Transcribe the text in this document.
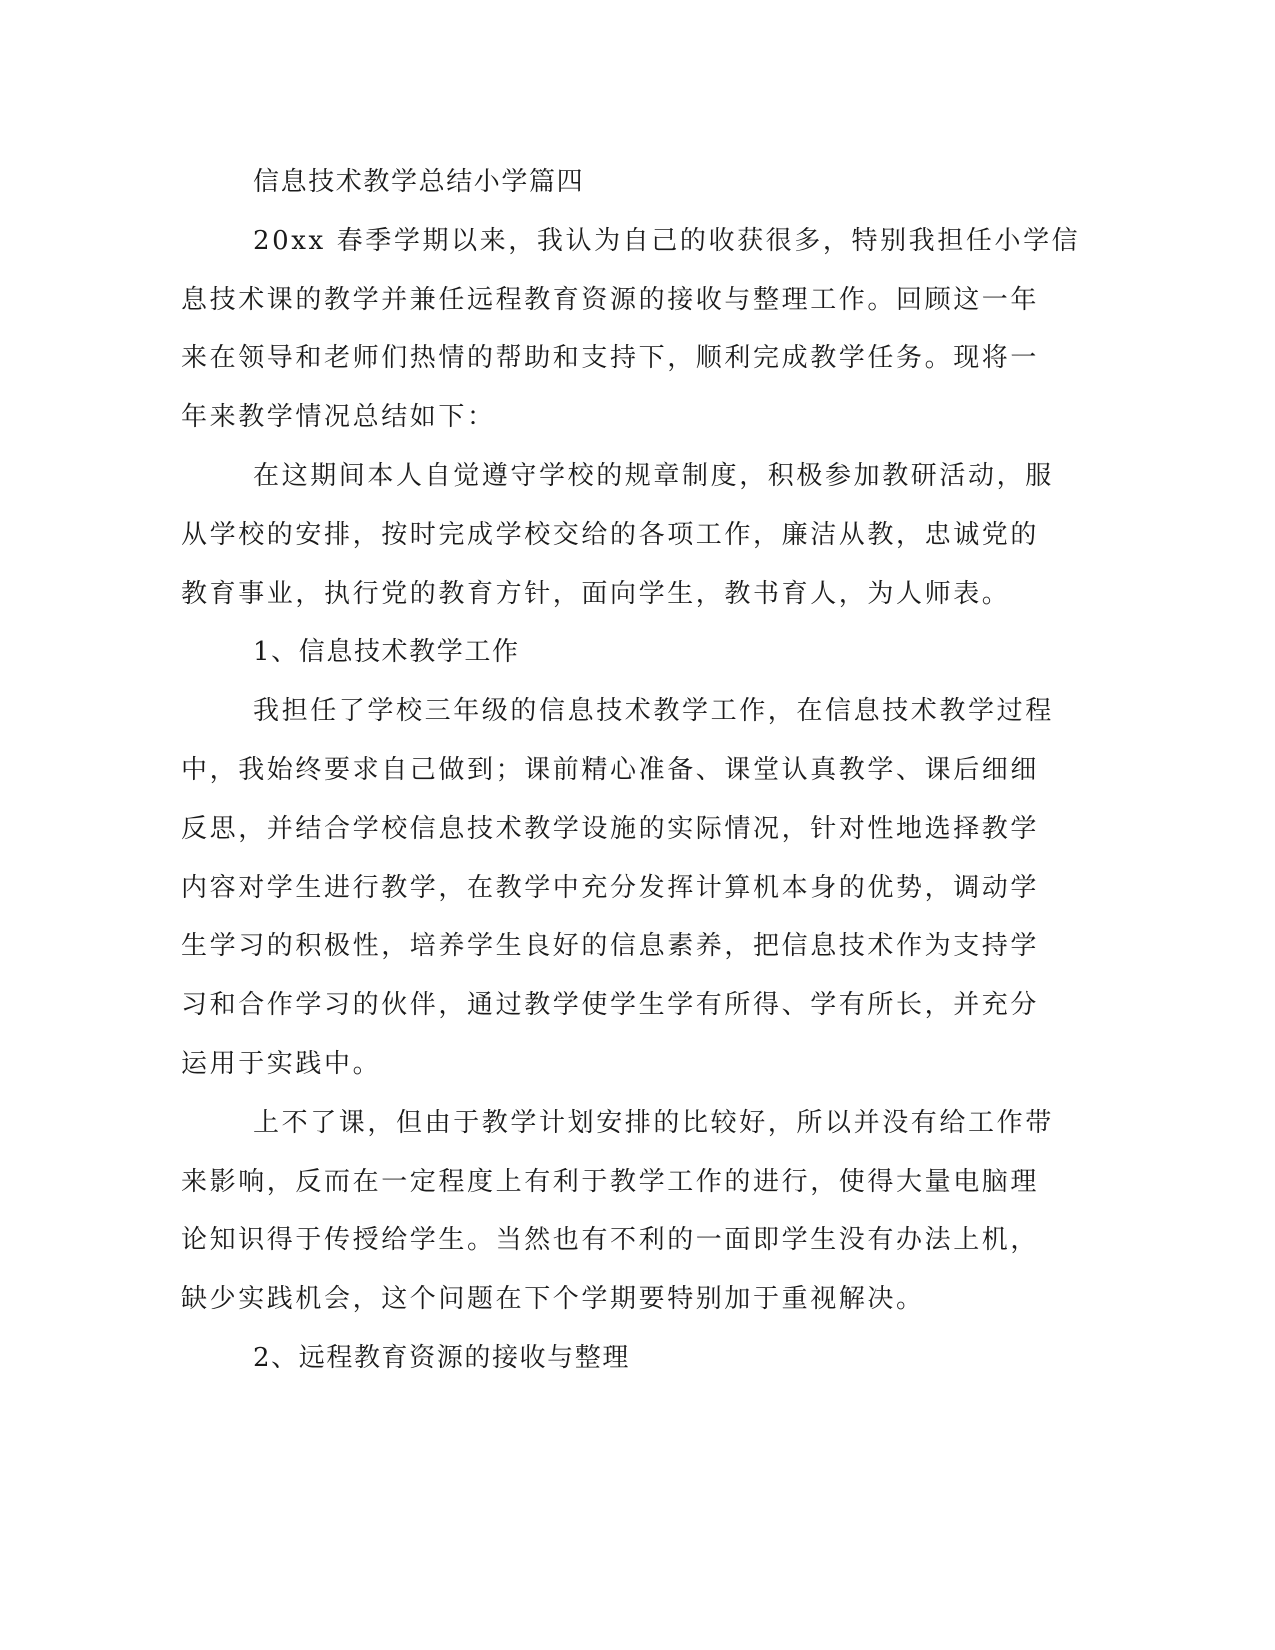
信息技术教学总结小学篇四
20xx 春季学期以来，我认为自己的收获很多，特别我担任小学信
息技术课的教学并兼任远程教育资源的接收与整理工作。回顾这一年
来在领导和老师们热情的帮助和支持下，顺利完成教学任务。现将一
年来教学情况总结如下：
在这期间本人自觉遵守学校的规章制度，积极参加教研活动，服
从学校的安排，按时完成学校交给的各项工作，廉洁从教，忠诚党的
教育事业，执行党的教育方针，面向学生，教书育人，为人师表。
1、信息技术教学工作
我担任了学校三年级的信息技术教学工作，在信息技术教学过程
中，我始终要求自己做到；课前精心准备、课堂认真教学、课后细细
反思，并结合学校信息技术教学设施的实际情况，针对性地选择教学
内容对学生进行教学，在教学中充分发挥计算机本身的优势，调动学
生学习的积极性，培养学生良好的信息素养，把信息技术作为支持学
习和合作学习的伙伴，通过教学使学生学有所得、学有所长，并充分
运用于实践中。
上不了课，但由于教学计划安排的比较好，所以并没有给工作带
来影响，反而在一定程度上有利于教学工作的进行，使得大量电脑理
论知识得于传授给学生。当然也有不利的一面即学生没有办法上机，
缺少实践机会，这个问题在下个学期要特别加于重视解决。
2、远程教育资源的接收与整理
